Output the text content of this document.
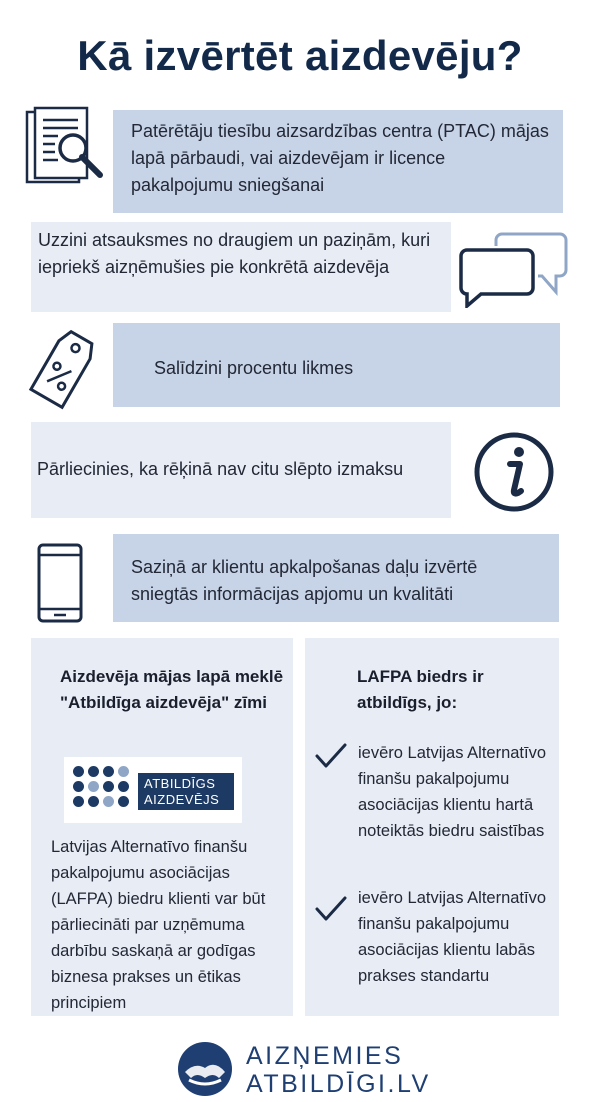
Kā izvērtēt aizdevēju?
Patērētāju tiesību aizsardzības centra (PTAC) mājas lapā pārbaudi, vai aizdevējam ir licence pakalpojumu sniegšanai
Uzzini atsauksmes no draugiem un paziņām, kuri iepriekš aizņēmušies pie konkrētā aizdevēja
Salīdzini procentu likmes
Pārliecinies, ka rēķinā nav citu slēpto izmaksu
Saziņā ar klientu apkalpošanas daļu izvērtē sniegtās informācijas apjomu un kvalitāti
Aizdevēja mājas lapā meklē "Atbildīga aizdevēja" zīmi
ATBILDĪGS
AIZDEVĒJS
Latvijas Alternatīvo finanšu pakalpojumu asociācijas (LAFPA) biedru klienti var būt pārliecināti par uzņēmuma darbību saskaņā ar godīgas biznesa prakses un ētikas principiem
LAFPA biedrs ir atbildīgs, jo:
ievēro Latvijas Alternatīvo finanšu pakalpojumu asociācijas klientu hartā noteiktās biedru saistības
ievēro Latvijas Alternatīvo finanšu pakalpojumu asociācijas klientu labās prakses standartu
AIZŅEMIES
ATBILDĪGI.LV
